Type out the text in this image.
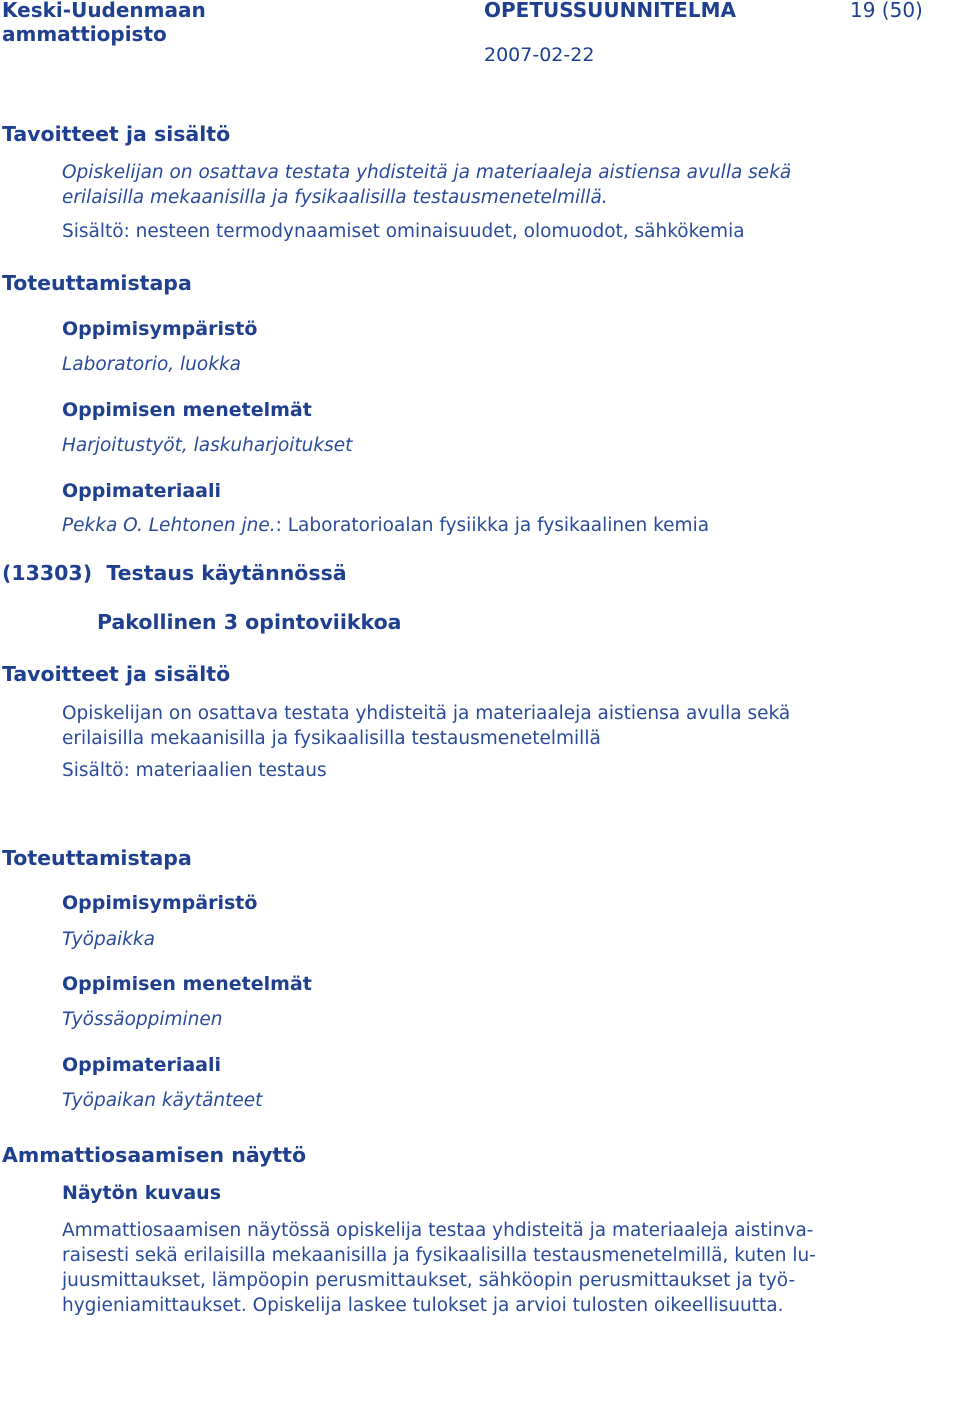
Keski-Uudenmaan
ammattiopisto
OPETUSSUUNNITELMA	19 (50)
2007-02-22
Tavoitteet ja sisältö
Opiskelijan on osattava testata yhdisteitä ja materiaaleja aistiensa avulla sekä
erilaisilla mekaanisilla ja fysikaalisilla testausmenetelmillä.
Sisältö: nesteen termodynaamiset ominaisuudet, olomuodot, sähkökemia
Toteuttamistapa
Oppimisympäristö
Laboratorio, luokka
Oppimisen menetelmät
Harjoitustyöt, laskuharjoitukset
Oppimateriaali
Pekka O. Lehtonen jne.: Laboratorioalan fysiikka ja fysikaalinen kemia
(13303) Testaus käytännössä
Pakollinen 3 opintoviikkoa
Tavoitteet ja sisältö
Opiskelijan on osattava testata yhdisteitä ja materiaaleja aistiensa avulla sekä
erilaisilla mekaanisilla ja fysikaalisilla testausmenetelmillä
Sisältö: materiaalien testaus
Toteuttamistapa
Oppimisympäristö
Työpaikka
Oppimisen menetelmät
Työssäoppiminen
Oppimateriaali
Työpaikan käytänteet
Ammattiosaamisen näyttö
Näytön kuvaus
Ammattiosaamisen näytössä opiskelija testaa yhdisteitä ja materiaaleja aistinva-
raisesti sekä erilaisilla mekaanisilla ja fysikaalisilla testausmenetelmillä, kuten lu-
juusmittaukset, lämpöopin perusmittaukset, sähköopin perusmittaukset ja työ-
hygieniamittaukset. Opiskelija laskee tulokset ja arvioi tulosten oikeellisuutta.
